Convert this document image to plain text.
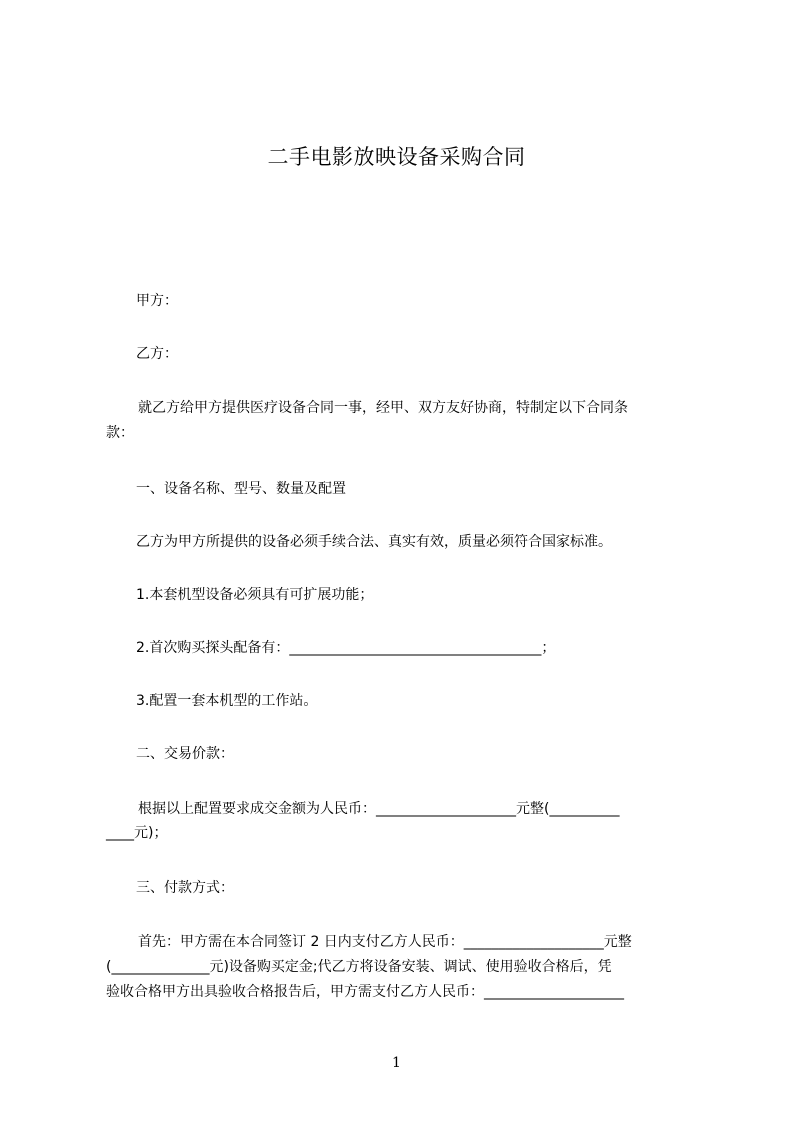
二手电影放映设备采购合同
甲方：
乙方：
就乙方给甲方提供医疗设备合同一事，经甲、双方友好协商，特制定以下合同条
款：
一、设备名称、型号、数量及配置
乙方为甲方所提供的设备必须手续合法、真实有效，质量必须符合国家标准。
1.本套机型设备必须具有可扩展功能；
2.首次购买探头配备有：____________________________________；
3.配置一套本机型的工作站。
二、交易价款：
根据以上配置要求成交金额为人民币：____________________元整(__________
____元)；
三、付款方式：
首先：甲方需在本合同签订 2 日内支付乙方人民币：____________________元整
(______________元)设备购买定金;代乙方将设备安装、调试、使用验收合格后，凭
验收合格甲方出具验收合格报告后，甲方需支付乙方人民币：____________________
1
